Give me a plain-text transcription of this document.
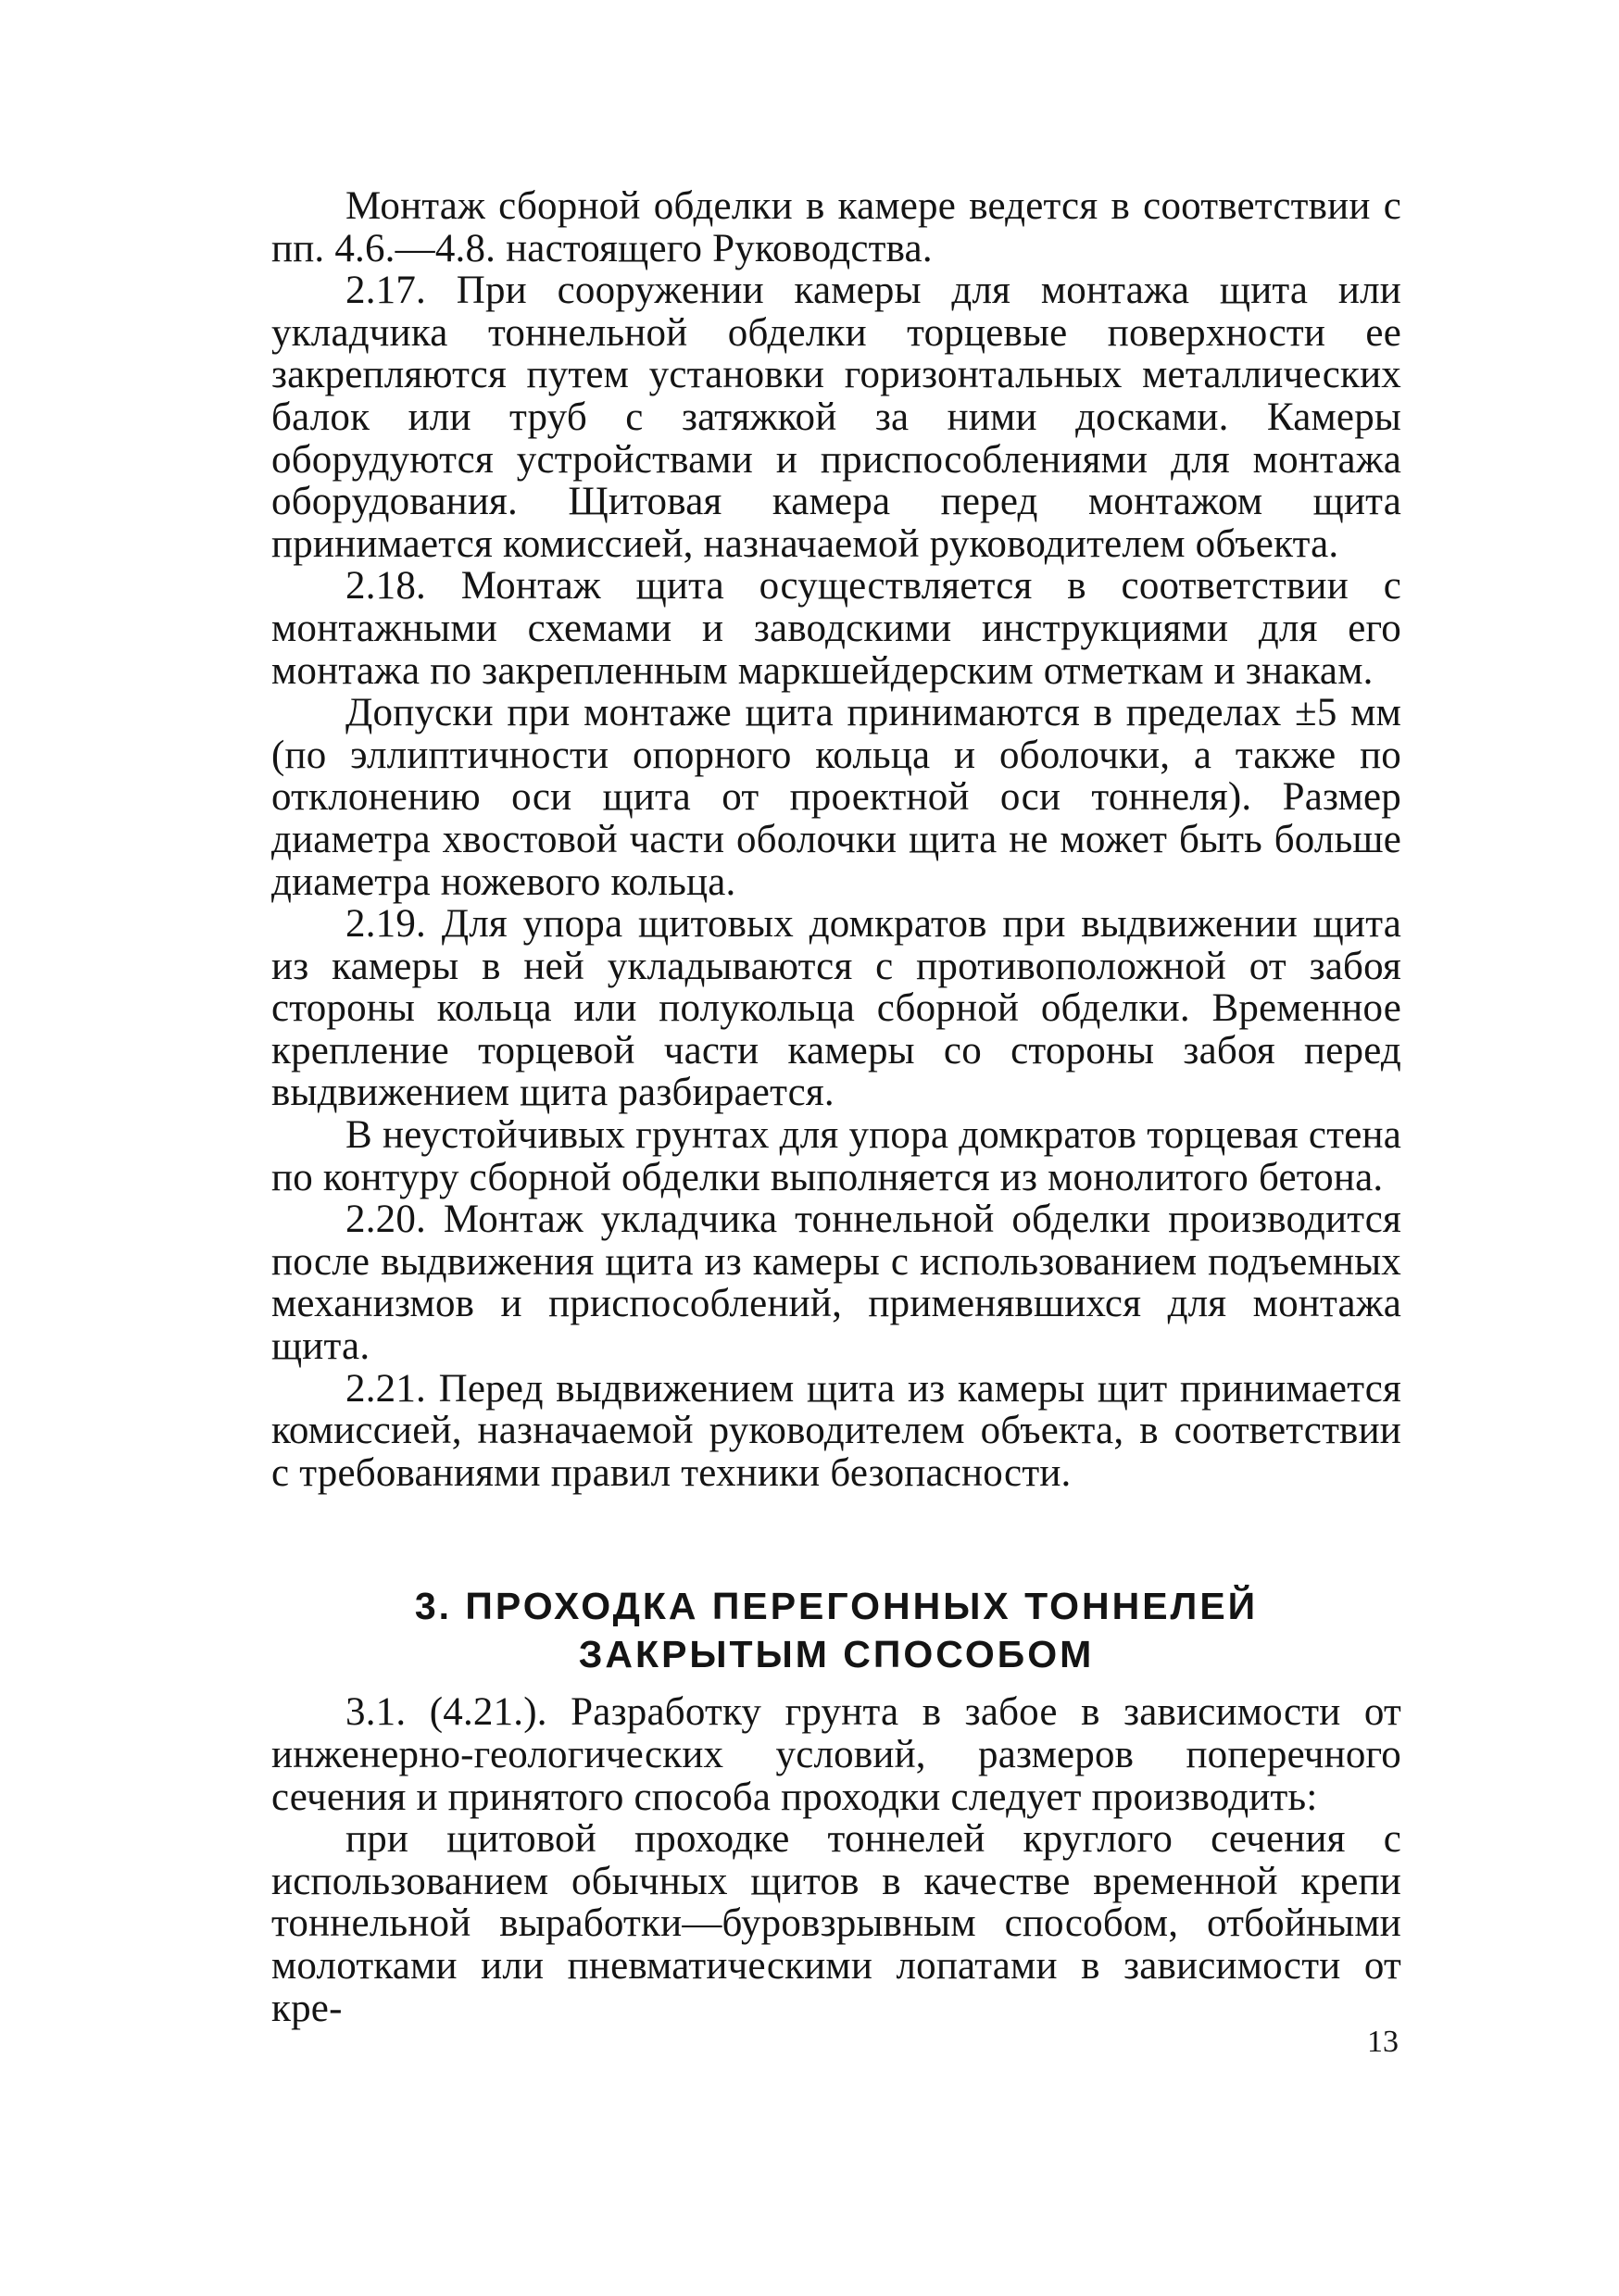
Монтаж сборной обделки в камере ведется в соответствии с пп. 4.6.—4.8. настоящего Руководства.

2.17. При сооружении камеры для монтажа щита или укладчика тоннельной обделки торцевые поверхности ее закрепляются путем установки горизонтальных металлических балок или труб с затяжкой за ними досками. Камеры оборудуются устройствами и приспособлениями для монтажа оборудования. Щитовая камера перед монтажом щита принимается комиссией, назначаемой руководителем объекта.

2.18. Монтаж щита осуществляется в соответствии с монтажными схемами и заводскими инструкциями для его монтажа по закрепленным маркшейдерским отметкам и знакам.

Допуски при монтаже щита принимаются в пределах ±5 мм (по эллиптичности опорного кольца и оболочки, а также по отклонению оси щита от проектной оси тоннеля). Размер диаметра хвостовой части оболочки щита не может быть больше диаметра ножевого кольца.

2.19. Для упора щитовых домкратов при выдвижении щита из камеры в ней укладываются с противоположной от забоя стороны кольца или полукольца сборной обделки. Временное крепление торцевой части камеры со стороны забоя перед выдвижением щита разбирается.

В неустойчивых грунтах для упора домкратов торцевая стена по контуру сборной обделки выполняется из монолитого бетона.

2.20. Монтаж укладчика тоннельной обделки производится после выдвижения щита из камеры с использованием подъемных механизмов и приспособлений, применявшихся для монтажа щита.

2.21. Перед выдвижением щита из камеры щит принимается комиссией, назначаемой руководителем объекта, в соответствии с требованиями правил техники безопасности.

3. ПРОХОДКА ПЕРЕГОННЫХ ТОННЕЛЕЙ
ЗАКРЫТЫМ СПОСОБОМ

3.1. (4.21.). Разработку грунта в забое в зависимости от инженерно-геологических условий, размеров поперечного сечения и принятого способа проходки следует производить:

при щитовой проходке тоннелей круглого сечения с использованием обычных щитов в качестве временной крепи тоннельной выработки—буровзрывным способом, отбойными молотками или пневматическими лопатами в зависимости от кре-

13
